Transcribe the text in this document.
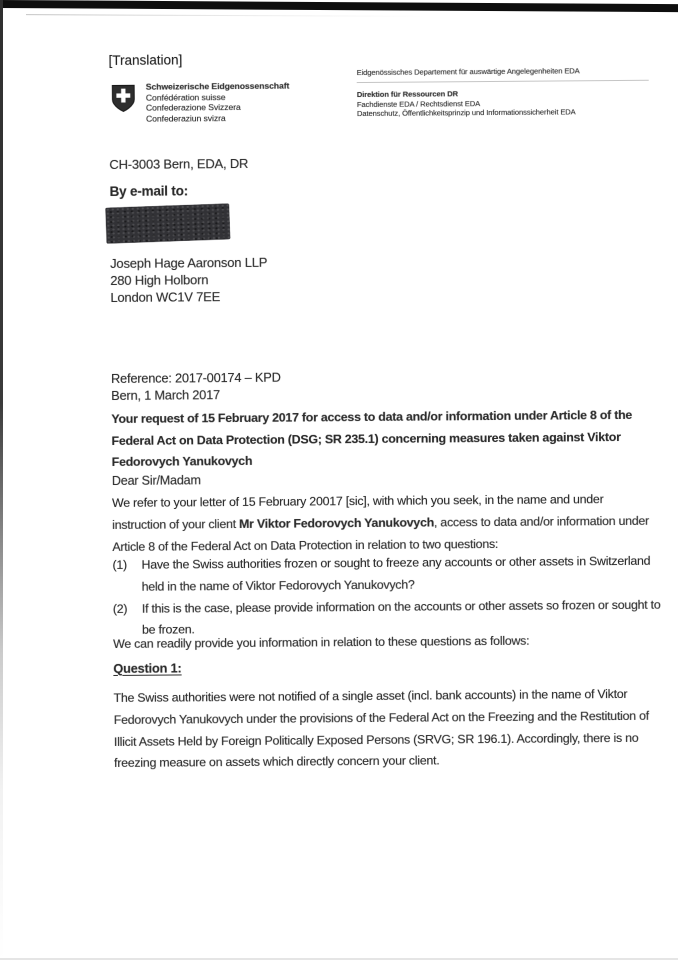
[Translation]
Schweizerische Eidgenossenschaft
Confédération suisse
Confederazione Svizzera
Confederaziun svizra
Eidgenössisches Departement für auswärtige Angelegenheiten EDA
Direktion für Ressourcen DR
Fachdienste EDA / Rechtsdienst EDA
Datenschutz, Öffentlichkeitsprinzip und Informationssicherheit EDA
CH-3003 Bern, EDA, DR
By e-mail to:
Joseph Hage Aaronson LLP
280 High Holborn
London WC1V 7EE
Reference: 2017-00174 – KPD
Bern, 1 March 2017
Your request of 15 February 2017 for access to data and/or information under Article 8 of the Federal Act on Data Protection (DSG; SR 235.1) concerning measures taken against Viktor Fedorovych Yanukovych
Dear Sir/Madam
We refer to your letter of 15 February 20017 [sic], with which you seek, in the name and under instruction of your client Mr Viktor Fedorovych Yanukovych, access to data and/or information under Article 8 of the Federal Act on Data Protection in relation to two questions:
(1)	Have the Swiss authorities frozen or sought to freeze any accounts or other assets in Switzerland held in the name of Viktor Fedorovych Yanukovych?
(2)	If this is the case, please provide information on the accounts or other assets so frozen or sought to be frozen.
We can readily provide you information in relation to these questions as follows:
Question 1:
The Swiss authorities were not notified of a single asset (incl. bank accounts) in the name of Viktor Fedorovych Yanukovych under the provisions of the Federal Act on the Freezing and the Restitution of Illicit Assets Held by Foreign Politically Exposed Persons (SRVG; SR 196.1). Accordingly, there is no freezing measure on assets which directly concern your client.
